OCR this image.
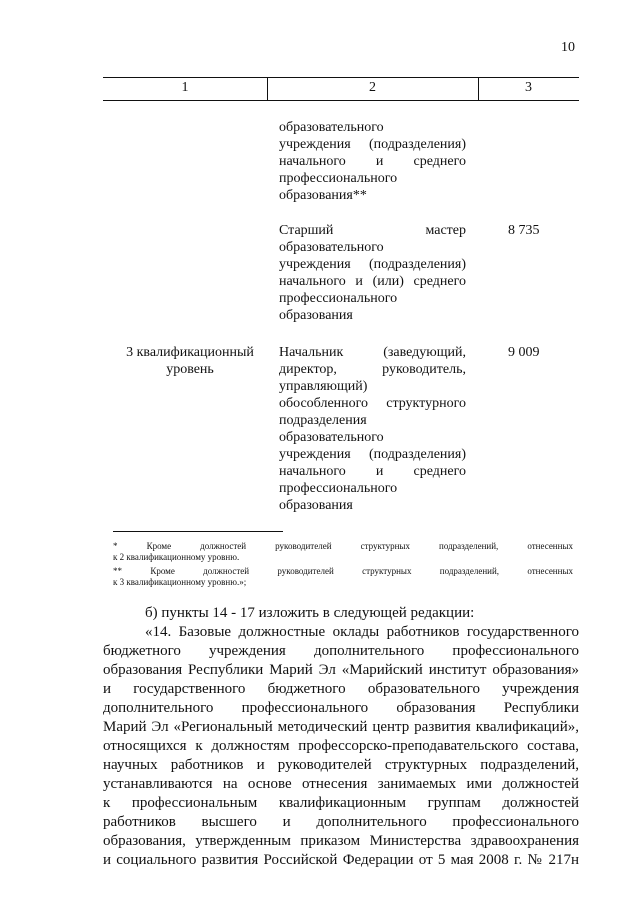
10
1	2	3
образовательного
учреждения (подразделения)
начального и среднего
профессионального
образования**
Старший мастер
образовательного
учреждения (подразделения)
начального и (или) среднего
профессионального
образования
8 735
3 квалификационный
уровень
Начальник (заведующий,
директор, руководитель,
управляющий)
обособленного структурного
подразделения
образовательного
учреждения (подразделения)
начального и среднего
профессионального
образования
9 009
* Кроме должностей руководителей структурных подразделений, отнесенных
к 2 квалификационному уровню.
** Кроме должностей руководителей структурных подразделений, отнесенных
к 3 квалификационному уровню.»;
б) пункты 14 - 17 изложить в следующей редакции:
«14. Базовые должностные оклады работников государственного
бюджетного учреждения дополнительного профессионального
образования Республики Марий Эл «Марийский институт образования»
и государственного бюджетного образовательного учреждения
дополнительного профессионального образования Республики
Марий Эл «Региональный методический центр развития квалификаций»,
относящихся к должностям профессорско-преподавательского состава,
научных работников и руководителей структурных подразделений,
устанавливаются на основе отнесения занимаемых ими должностей
к профессиональным квалификационным группам должностей
работников высшего и дополнительного профессионального
образования, утвержденным приказом Министерства здравоохранения
и социального развития Российской Федерации от 5 мая 2008 г. № 217н
